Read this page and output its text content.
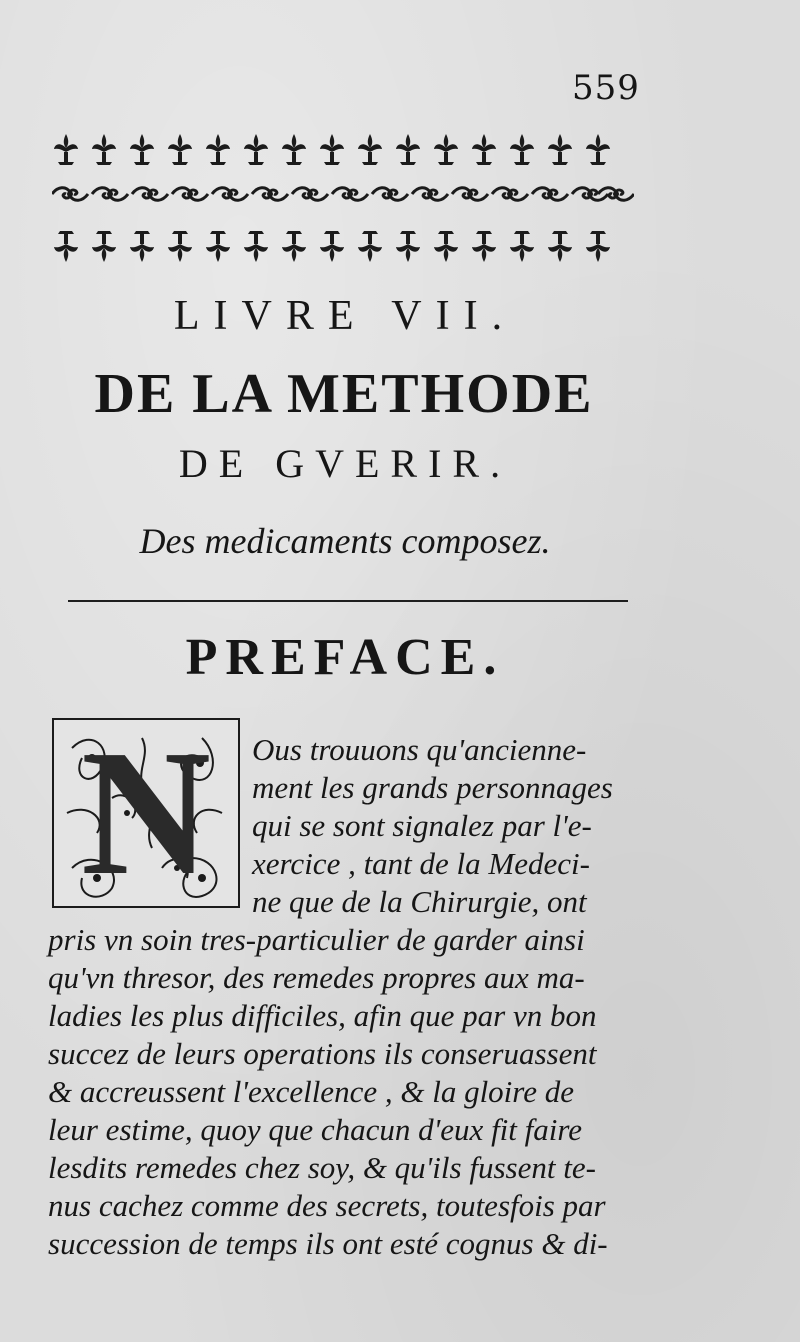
559
LIVRE VII.
DE LA METHODE
DE GVERIR.
Des medicaments composez.
PREFACE.
N	Ous trouuons qu'ancienne-
ment les grands personnages
qui se sont signalez par l'e-
xercice , tant de la Medeci-
ne que de la Chirurgie, ont
pris vn soin tres-particulier de garder ainsi
qu'vn thresor, des remedes propres aux ma-
ladies les plus difficiles, afin que par vn bon
succez de leurs operations ils conseruassent
& accreussent l'excellence , & la gloire de
leur estime, quoy que chacun d'eux fit faire
lesdits remedes chez soy, & qu'ils fussent te-
nus cachez comme des secrets, toutesfois par
succession de temps ils ont esté cognus & di-
